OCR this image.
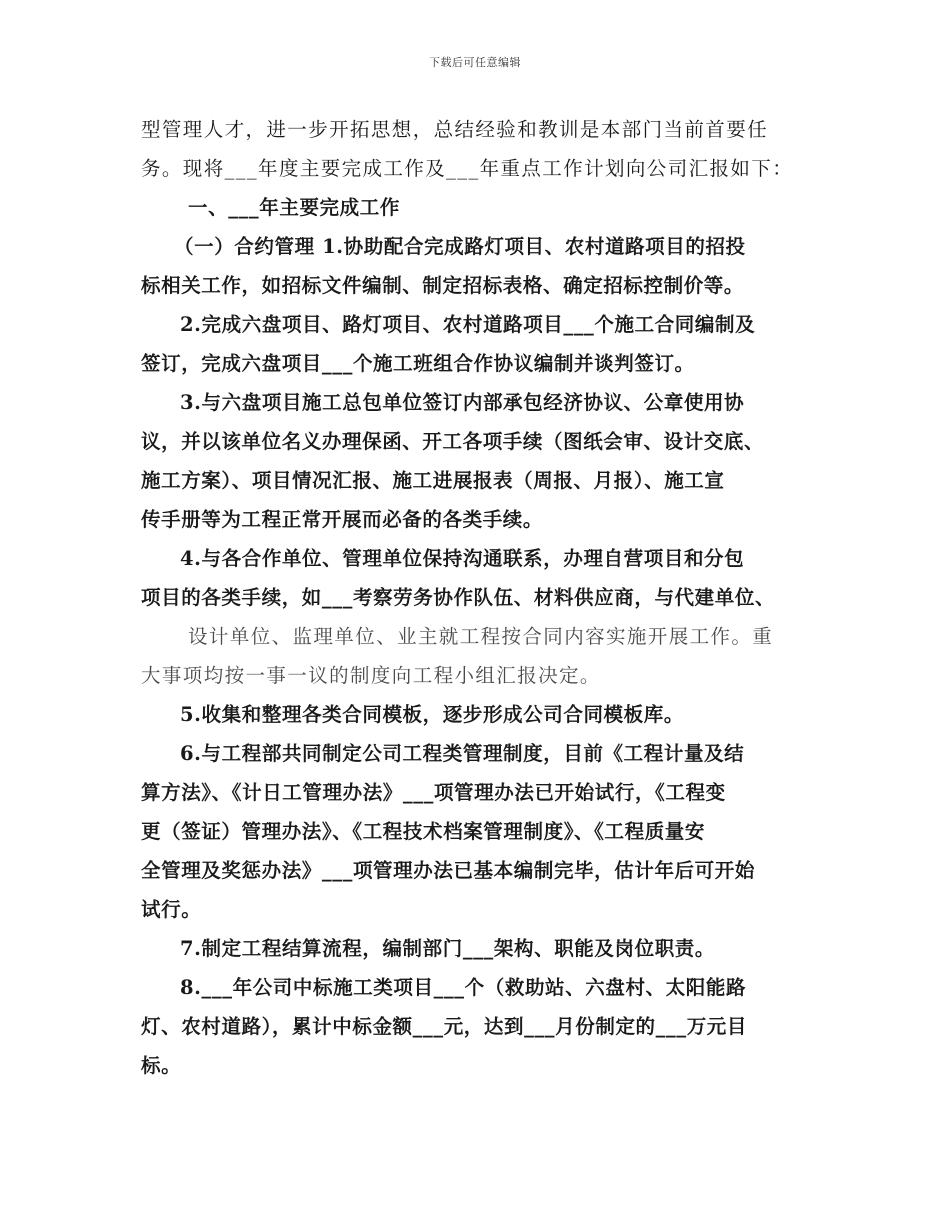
下载后可任意编辑
型管理人才，进一步开拓思想，总结经验和教训是本部门当前首要任
务。现将___年度主要完成工作及___年重点工作计划向公司汇报如下：
一、___年主要完成工作
（一）合约管理 1.协助配合完成路灯项目、农村道路项目的招投
标相关工作，如招标文件编制、制定招标表格、确定招标控制价等。
2.完成六盘项目、路灯项目、农村道路项目___个施工合同编制及
签订，完成六盘项目___个施工班组合作协议编制并谈判签订。
3.与六盘项目施工总包单位签订内部承包经济协议、公章使用协
议，并以该单位名义办理保函、开工各项手续（图纸会审、设计交底、
施工方案）、项目情况汇报、施工进展报表（周报、月报）、施工宣
传手册等为工程正常开展而必备的各类手续。
4.与各合作单位、管理单位保持沟通联系，办理自营项目和分包
项目的各类手续，如___考察劳务协作队伍、材料供应商，与代建单位、
设计单位、监理单位、业主就工程按合同内容实施开展工作。重
大事项均按一事一议的制度向工程小组汇报决定。
5.收集和整理各类合同模板，逐步形成公司合同模板库。
6.与工程部共同制定公司工程类管理制度，目前《工程计量及结
算方法》、《计日工管理办法》___项管理办法已开始试行，《工程变
更（签证）管理办法》、《工程技术档案管理制度》、《工程质量安
全管理及奖惩办法》___项管理办法已基本编制完毕，估计年后可开始
试行。
7.制定工程结算流程，编制部门___架构、职能及岗位职责。
8.___年公司中标施工类项目___个（救助站、六盘村、太阳能路
灯、农村道路），累计中标金额___元，达到___月份制定的___万元目
标。
